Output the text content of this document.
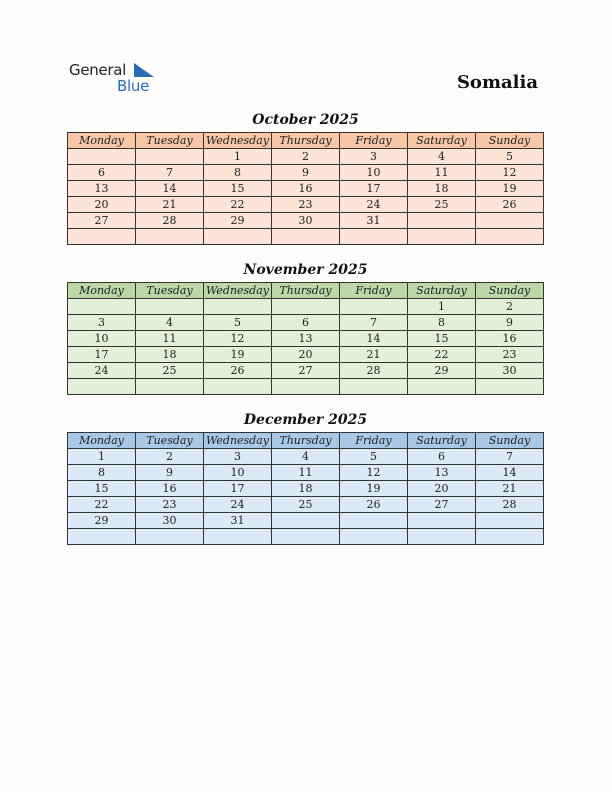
General
Blue	Somalia
October 2025
Monday	Tuesday	Wednesday	Thursday	Friday	Saturday	Sunday
		1	2	3	4	5
6	7	8	9	10	11	12
13	14	15	16	17	18	19
20	21	22	23	24	25	26
27	28	29	30	31		

November 2025
Monday	Tuesday	Wednesday	Thursday	Friday	Saturday	Sunday
					1	2
3	4	5	6	7	8	9
10	11	12	13	14	15	16
17	18	19	20	21	22	23
24	25	26	27	28	29	30

December 2025
Monday	Tuesday	Wednesday	Thursday	Friday	Saturday	Sunday
1	2	3	4	5	6	7
8	9	10	11	12	13	14
15	16	17	18	19	20	21
22	23	24	25	26	27	28
29	30	31				
